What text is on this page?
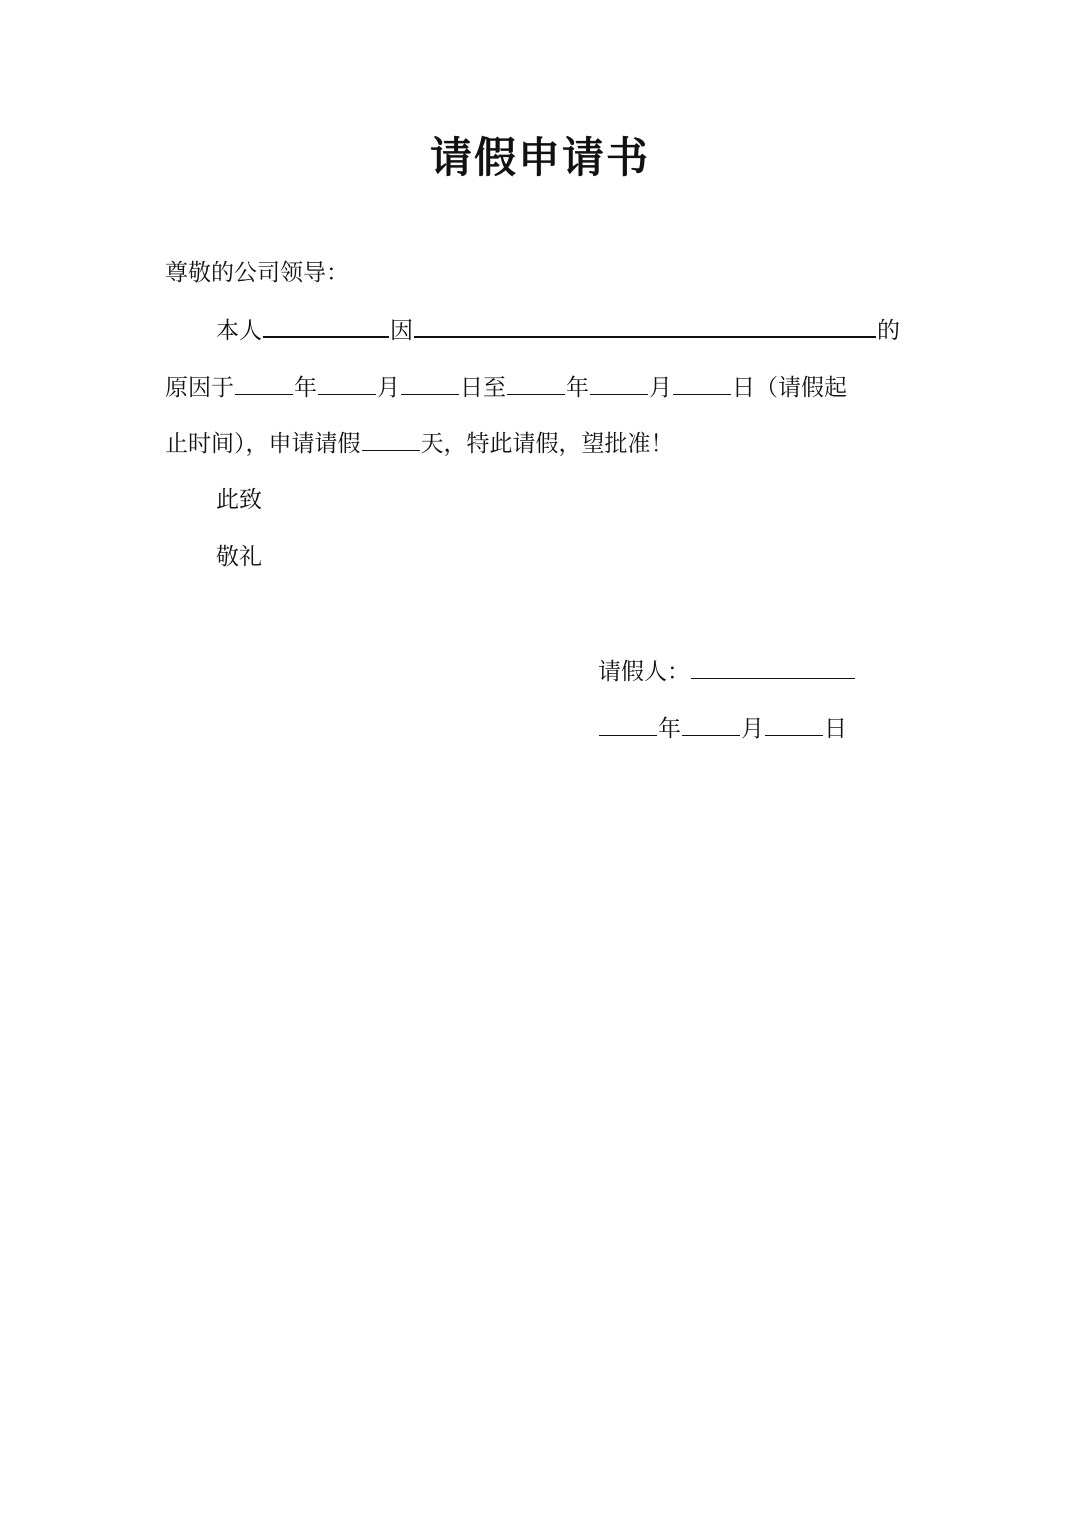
请假申请书
尊敬的公司领导：
本人	因	的
原因于	年	月	日至	年	月	日（请假起
止时间），申请请假	天，特此请假，望批准！
此致
敬礼
请假人：
年	月	日
